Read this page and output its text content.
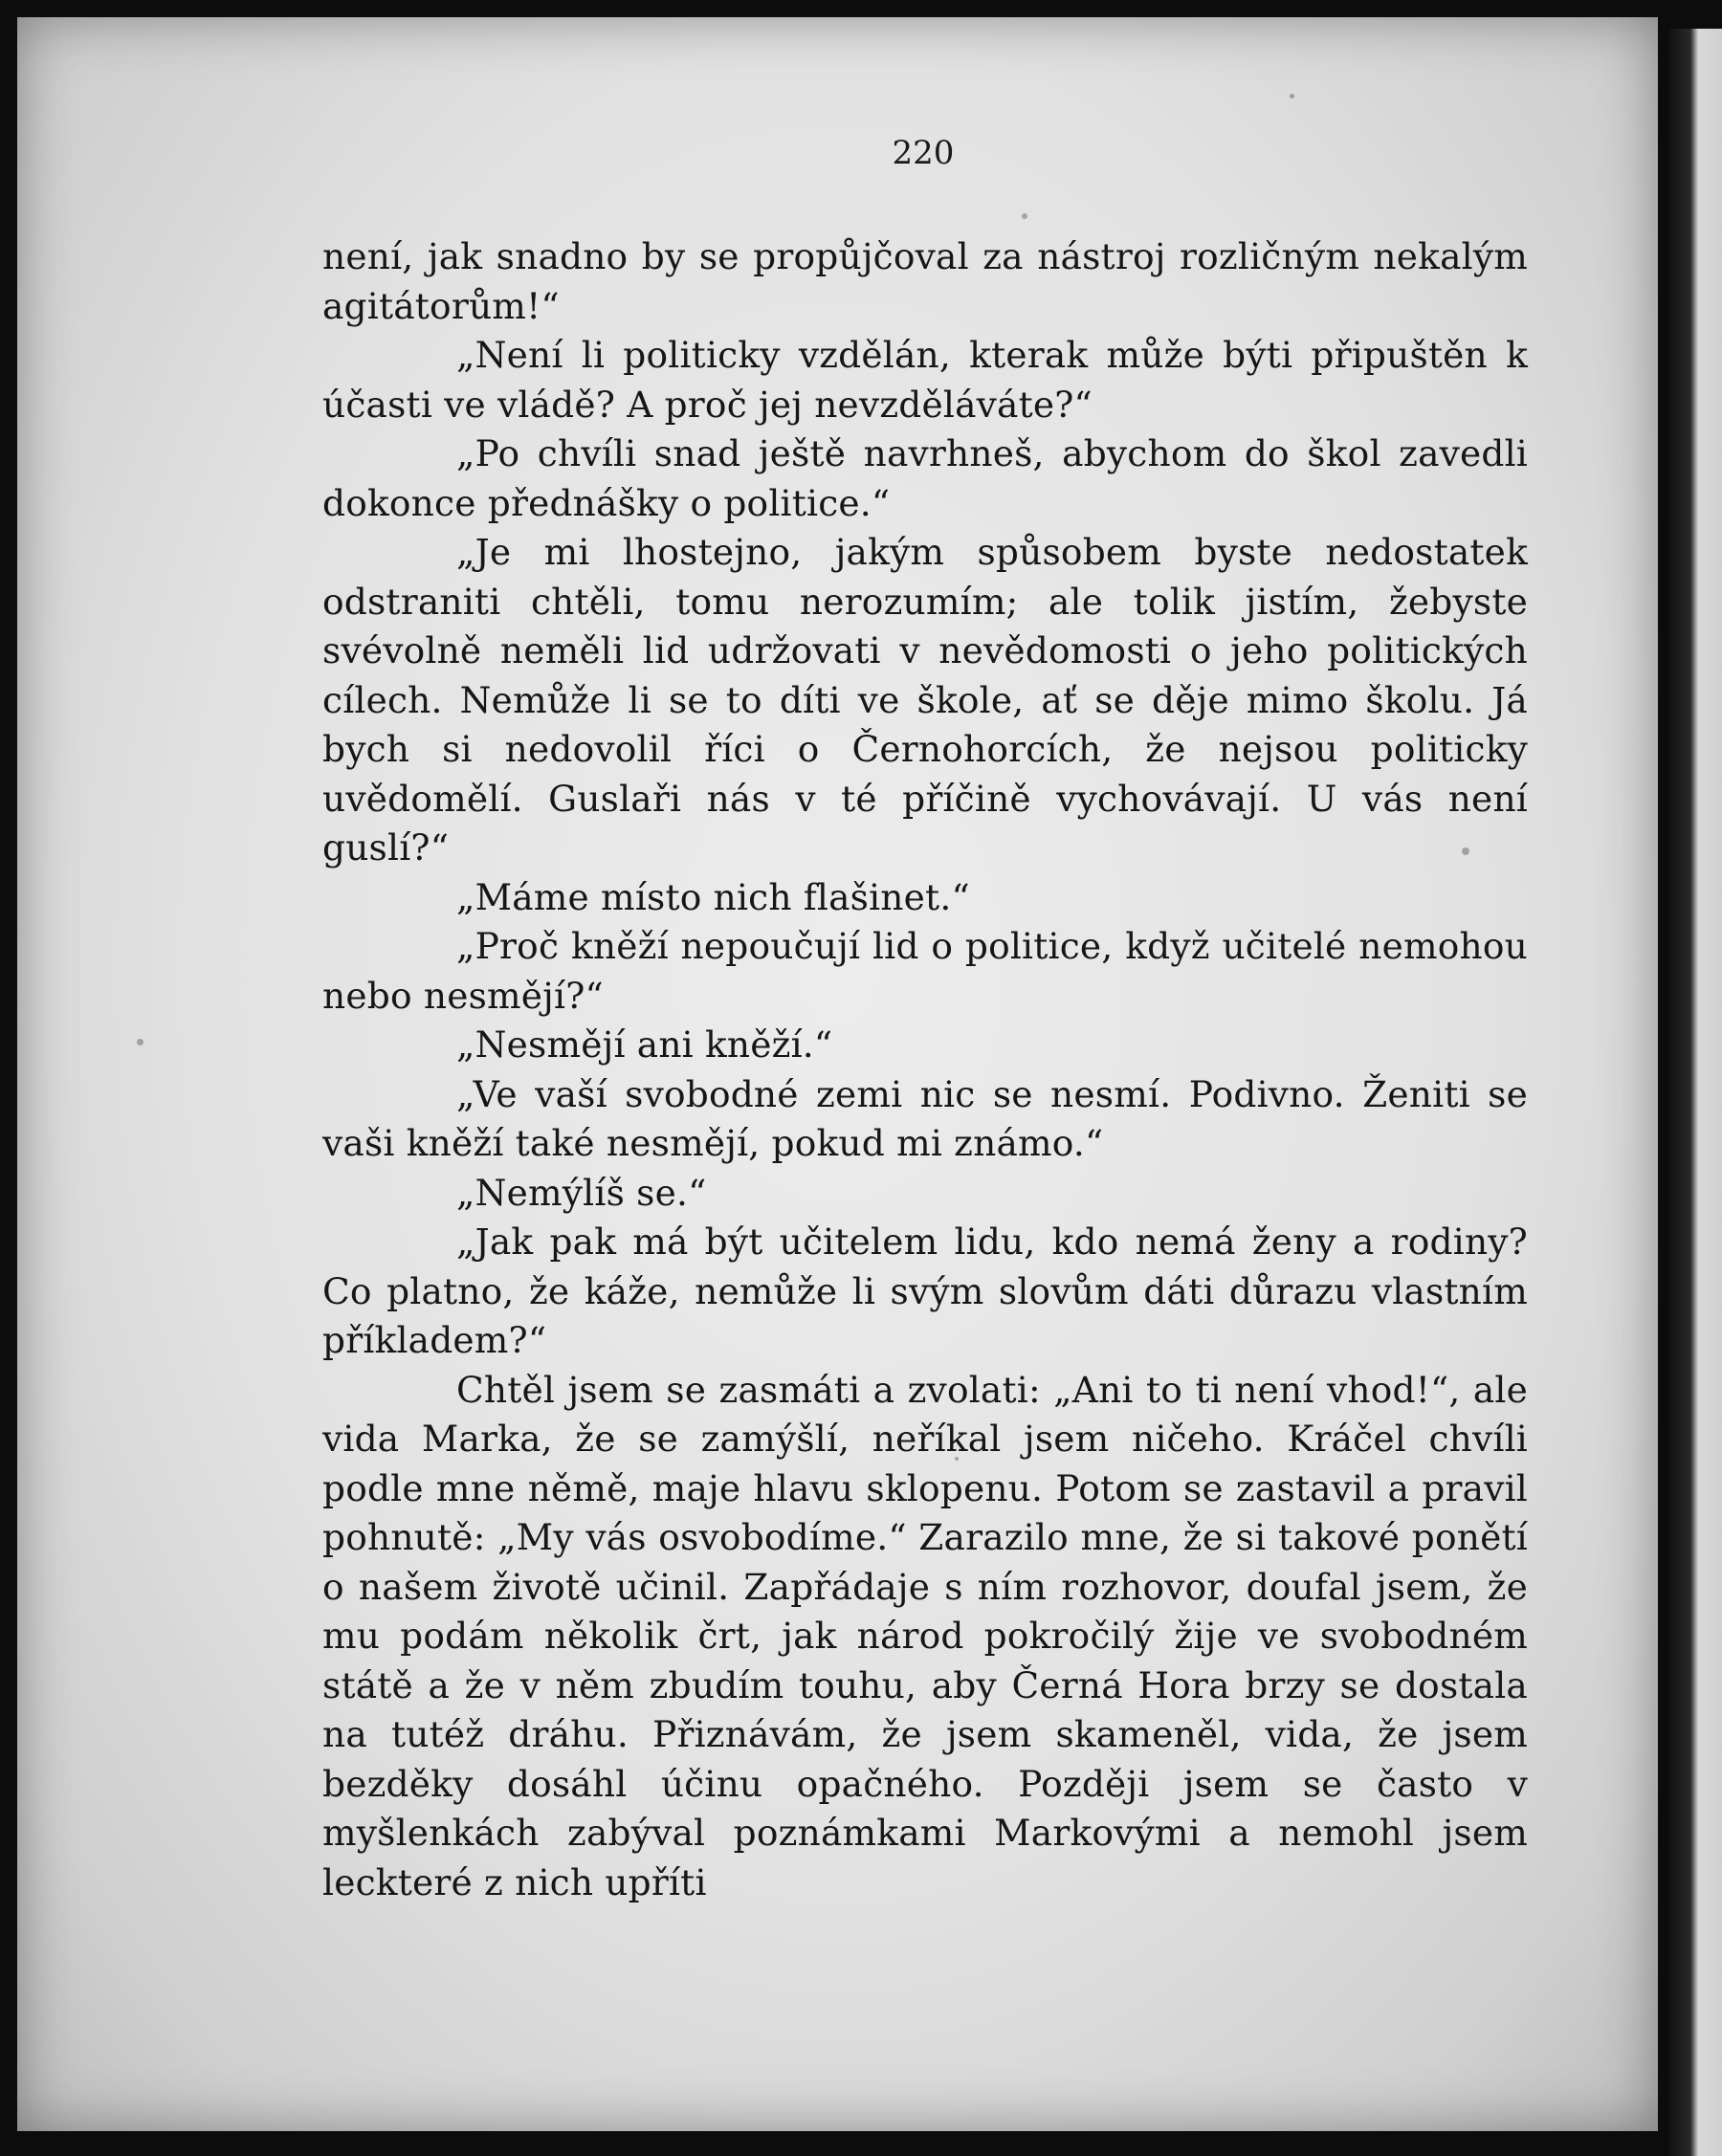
220

není, jak snadno by se propůjčoval za nástroj rozličným nekalým agitátorům!“

„Není li politicky vzdělán, kterak může býti připuštěn k účasti ve vládě? A proč jej nevzděláváte?“

„Po chvíli snad ještě navrhneš, abychom do škol zavedli dokonce přednášky o politice.“

„Je mi lhostejno, jakým spůsobem byste nedostatek odstraniti chtěli, tomu nerozumím; ale tolik jistím, žebyste svévolně neměli lid udržovati v nevědomosti o jeho politických cílech. Nemůže li se to díti ve škole, ať se děje mimo školu. Já bych si nedovolil říci o Černohorcích, že nejsou politicky uvědomělí. Guslaři nás v té příčině vychovávají. U vás není guslí?“

„Máme místo nich flašinet.“

„Proč kněží nepoučují lid o politice, když učitelé nemohou nebo nesmějí?“

„Nesmějí ani kněží.“

„Ve vaší svobodné zemi nic se nesmí. Podivno. Ženiti se vaši kněží také nesmějí, pokud mi známo.“

„Nemýlíš se.“

„Jak pak má být učitelem lidu, kdo nemá ženy a rodiny? Co platno, že káže, nemůže li svým slovům dáti důrazu vlastním příkladem?“

Chtěl jsem se zasmáti a zvolati: „Ani to ti není vhod!“, ale vida Marka, že se zamýšlí, neříkal jsem ničeho. Kráčel chvíli podle mne němě, maje hlavu sklopenu. Potom se zastavil a pravil pohnutě: „My vás osvobodíme.“ Zarazilo mne, že si takové ponětí o našem životě učinil. Zapřádaje s ním rozhovor, doufal jsem, že mu podám několik črt, jak národ pokročilý žije ve svobodném státě a že v něm zbudím touhu, aby Černá Hora brzy se dostala na tutéž dráhu. Přiznávám, že jsem skameněl, vida, že jsem bezděky dosáhl účinu opačného. Později jsem se často v myšlenkách zabýval poznámkami Markovými a nemohl jsem leckteré z nich upříti
